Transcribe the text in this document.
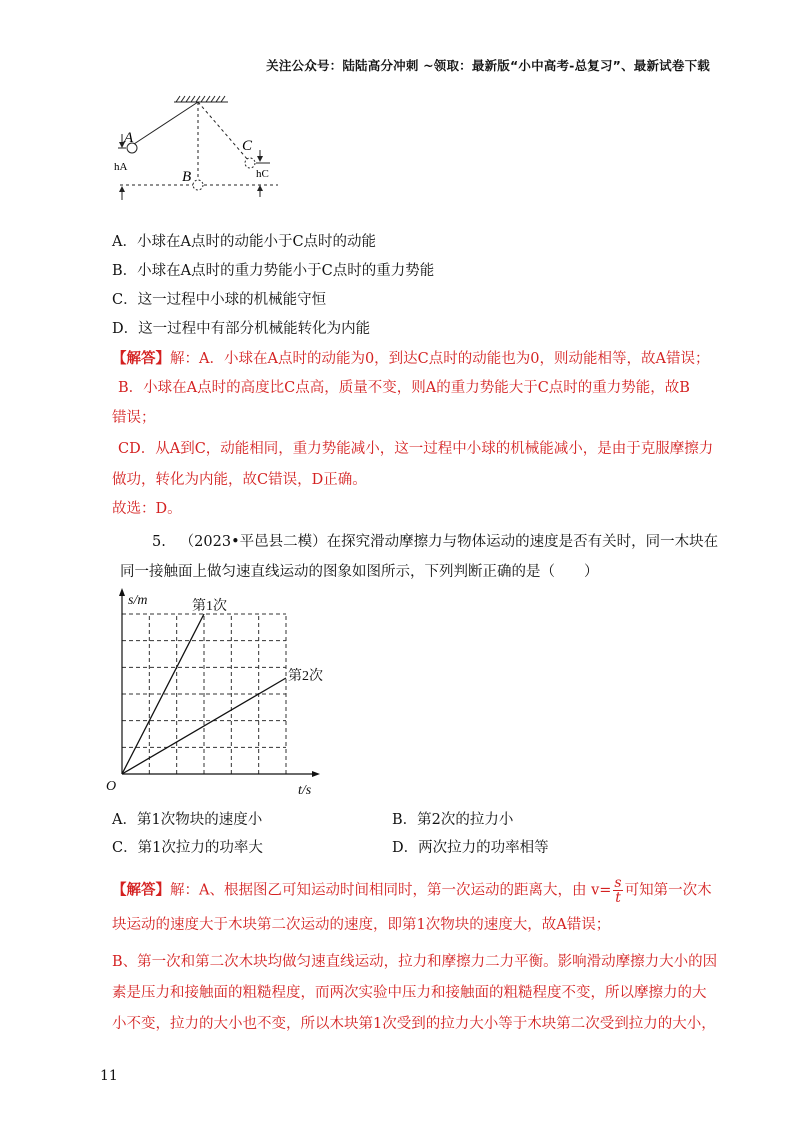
关注公众号：陆陆高分冲刺 ~领取：最新版“小中高考-总复习”、最新试卷下载
A
B
C
hA
hC
A．小球在A点时的动能小于C点时的动能
B．小球在A点时的重力势能小于C点时的重力势能
C．这一过程中小球的机械能守恒
D．这一过程中有部分机械能转化为内能
【解答】解：A．小球在A点时的动能为0，到达C点时的动能也为0，则动能相等，故A错误；
B．小球在A点时的高度比C点高，质量不变，则A的重力势能大于C点时的重力势能，故B
错误；
CD．从A到C，动能相同，重力势能减小，这一过程中小球的机械能减小，是由于克服摩擦力
做功，转化为内能，故C错误，D正确。
故选：D。
5. （2023•平邑县二模）在探究滑动摩擦力与物体运动的速度是否有关时，同一木块在
同一接触面上做匀速直线运动的图象如图所示，下列判断正确的是（　　）
第1次
第2次
s/m
t/s
O
A．第1次物块的速度小	B．第2次的拉力小
C．第1次拉力的功率大	D．两次拉力的功率相等
【解答】解：A、根据图乙可知运动时间相同时，第一次运动的距离大，由 $v= \frac{s}{t}$ 可知第一次木
块运动的速度大于木块第二次运动的速度，即第1次物块的速度大，故A错误；
B、第一次和第二次木块均做匀速直线运动，拉力和摩擦力二力平衡。影响滑动摩擦力大小的因
素是压力和接触面的粗糙程度，而两次实验中压力和接触面的粗糙程度不变，所以摩擦力的大
小不变，拉力的大小也不变，所以木块第1次受到的拉力大小等于木块第二次受到拉力的大小，
11
